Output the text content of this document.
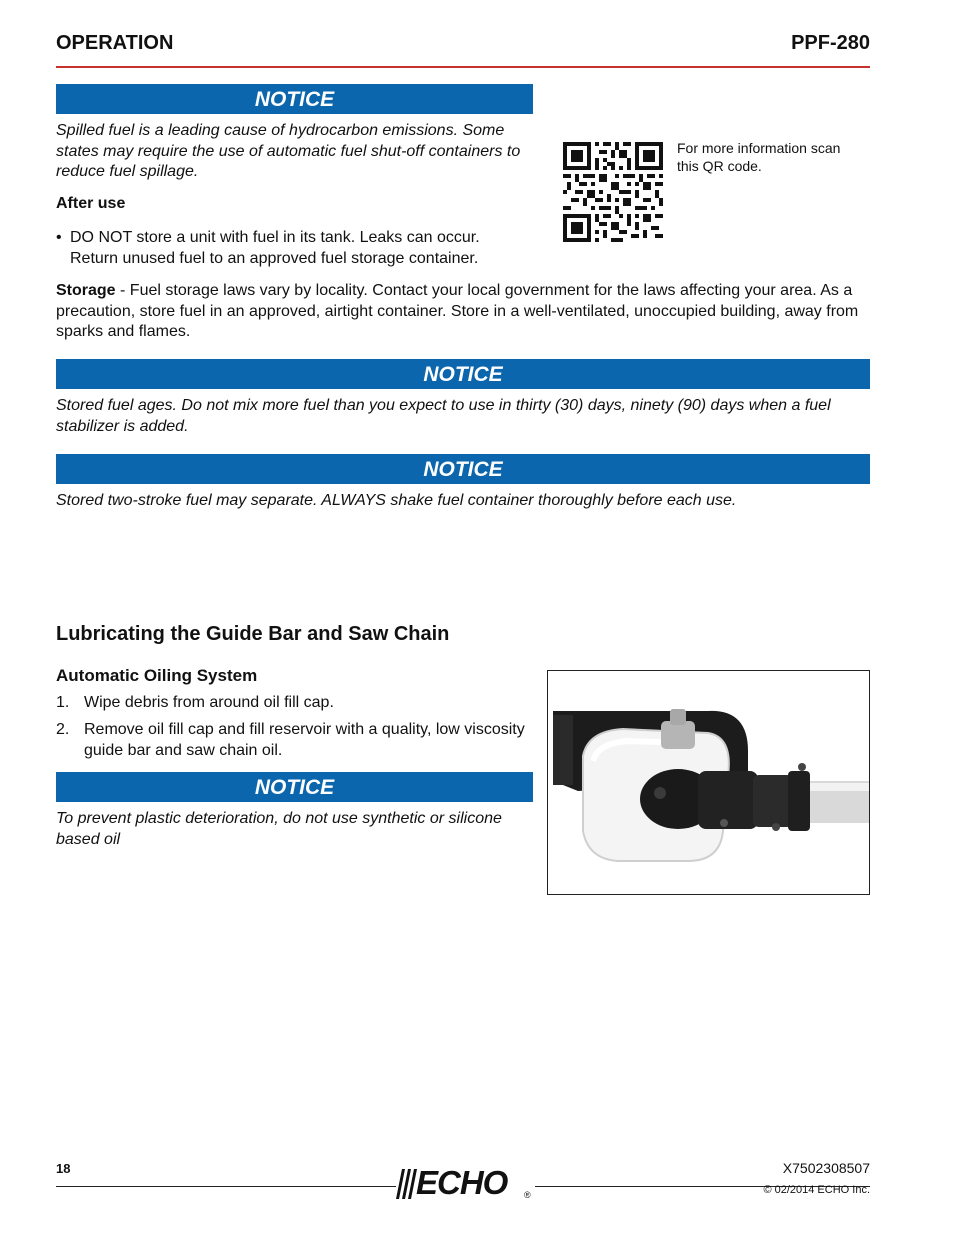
OPERATION	PPF-280
NOTICE
Spilled fuel is a leading cause of hydrocarbon emissions. Some states may require the use of automatic fuel shut-off containers to reduce fuel spillage.
For more information scan this QR code.
After use
• DO NOT store a unit with fuel in its tank. Leaks can occur. Return unused fuel to an approved fuel storage container.
Storage - Fuel storage laws vary by locality. Contact your local government for the laws affecting your area. As a precaution, store fuel in an approved, airtight container. Store in a well-ventilated, unoccupied building, away from sparks and flames.
NOTICE
Stored fuel ages. Do not mix more fuel than you expect to use in thirty (30) days, ninety (90) days when a fuel stabilizer is added.
NOTICE
Stored two-stroke fuel may separate. ALWAYS shake fuel container thoroughly before each use.
Lubricating the Guide Bar and Saw Chain
Automatic Oiling System
1. Wipe debris from around oil fill cap.
2. Remove oil fill cap and fill reservoir with a quality, low viscosity guide bar and saw chain oil.
NOTICE
To prevent plastic deterioration, do not use synthetic or silicone based oil
18	ECHO ®
X7502308507
© 02/2014 ECHO Inc.
